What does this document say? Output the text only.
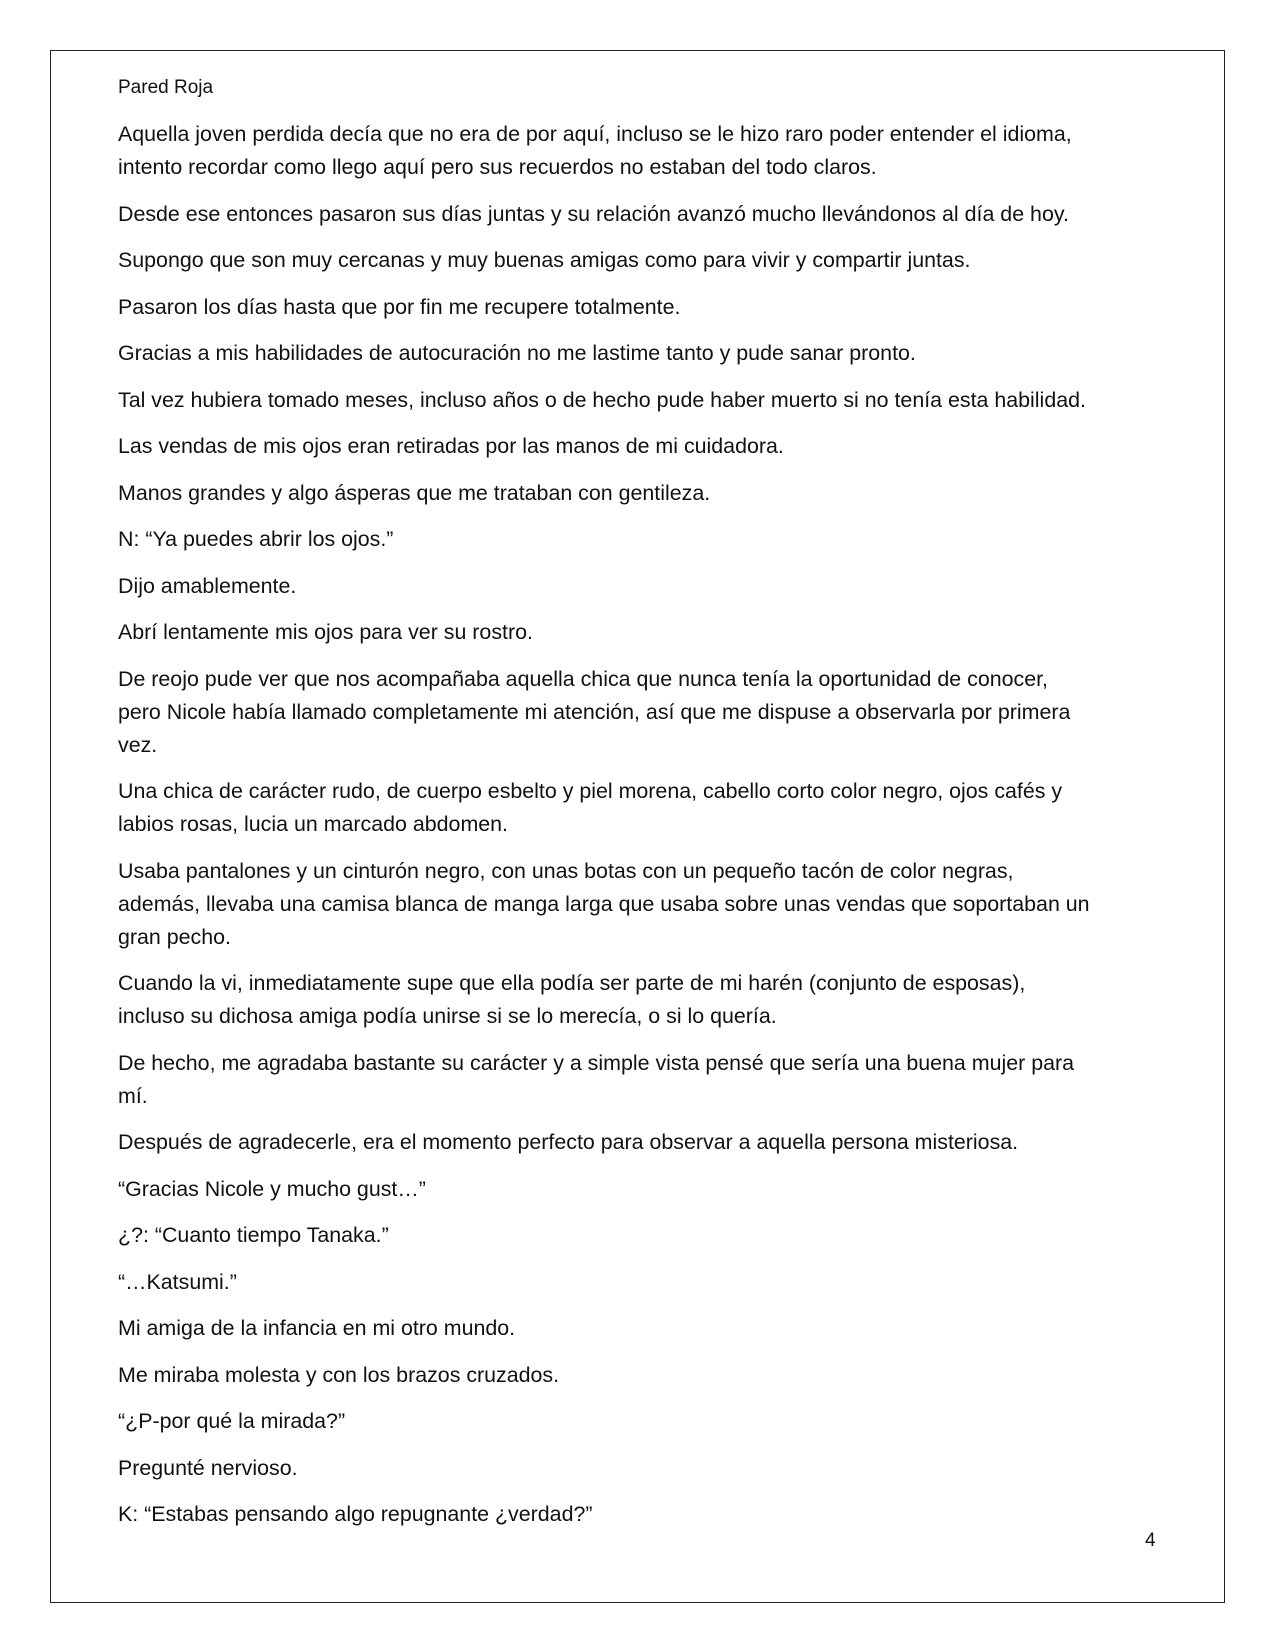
Pared Roja

Aquella joven perdida decía que no era de por aquí, incluso se le hizo raro poder entender el idioma,
intento recordar como llego aquí pero sus recuerdos no estaban del todo claros.

Desde ese entonces pasaron sus días juntas y su relación avanzó mucho llevándonos al día de hoy.

Supongo que son muy cercanas y muy buenas amigas como para vivir y compartir juntas.

Pasaron los días hasta que por fin me recupere totalmente.

Gracias a mis habilidades de autocuración no me lastime tanto y pude sanar pronto.

Tal vez hubiera tomado meses, incluso años o de hecho pude haber muerto si no tenía esta habilidad.

Las vendas de mis ojos eran retiradas por las manos de mi cuidadora.

Manos grandes y algo ásperas que me trataban con gentileza.

N: “Ya puedes abrir los ojos.”

Dijo amablemente.

Abrí lentamente mis ojos para ver su rostro.

De reojo pude ver que nos acompañaba aquella chica que nunca tenía la oportunidad de conocer,
pero Nicole había llamado completamente mi atención, así que me dispuse a observarla por primera
vez.

Una chica de carácter rudo, de cuerpo esbelto y piel morena, cabello corto color negro, ojos cafés y
labios rosas, lucia un marcado abdomen.

Usaba pantalones y un cinturón negro, con unas botas con un pequeño tacón de color negras,
además, llevaba una camisa blanca de manga larga que usaba sobre unas vendas que soportaban un
gran pecho.

Cuando la vi, inmediatamente supe que ella podía ser parte de mi harén (conjunto de esposas),
incluso su dichosa amiga podía unirse si se lo merecía, o si lo quería.

De hecho, me agradaba bastante su carácter y a simple vista pensé que sería una buena mujer para
mí.

Después de agradecerle, era el momento perfecto para observar a aquella persona misteriosa.

“Gracias Nicole y mucho gust…”

¿?: “Cuanto tiempo Tanaka.”

“…Katsumi.”

Mi amiga de la infancia en mi otro mundo.

Me miraba molesta y con los brazos cruzados.

“¿P-por qué la mirada?”

Pregunté nervioso.

K: “Estabas pensando algo repugnante ¿verdad?”

4
